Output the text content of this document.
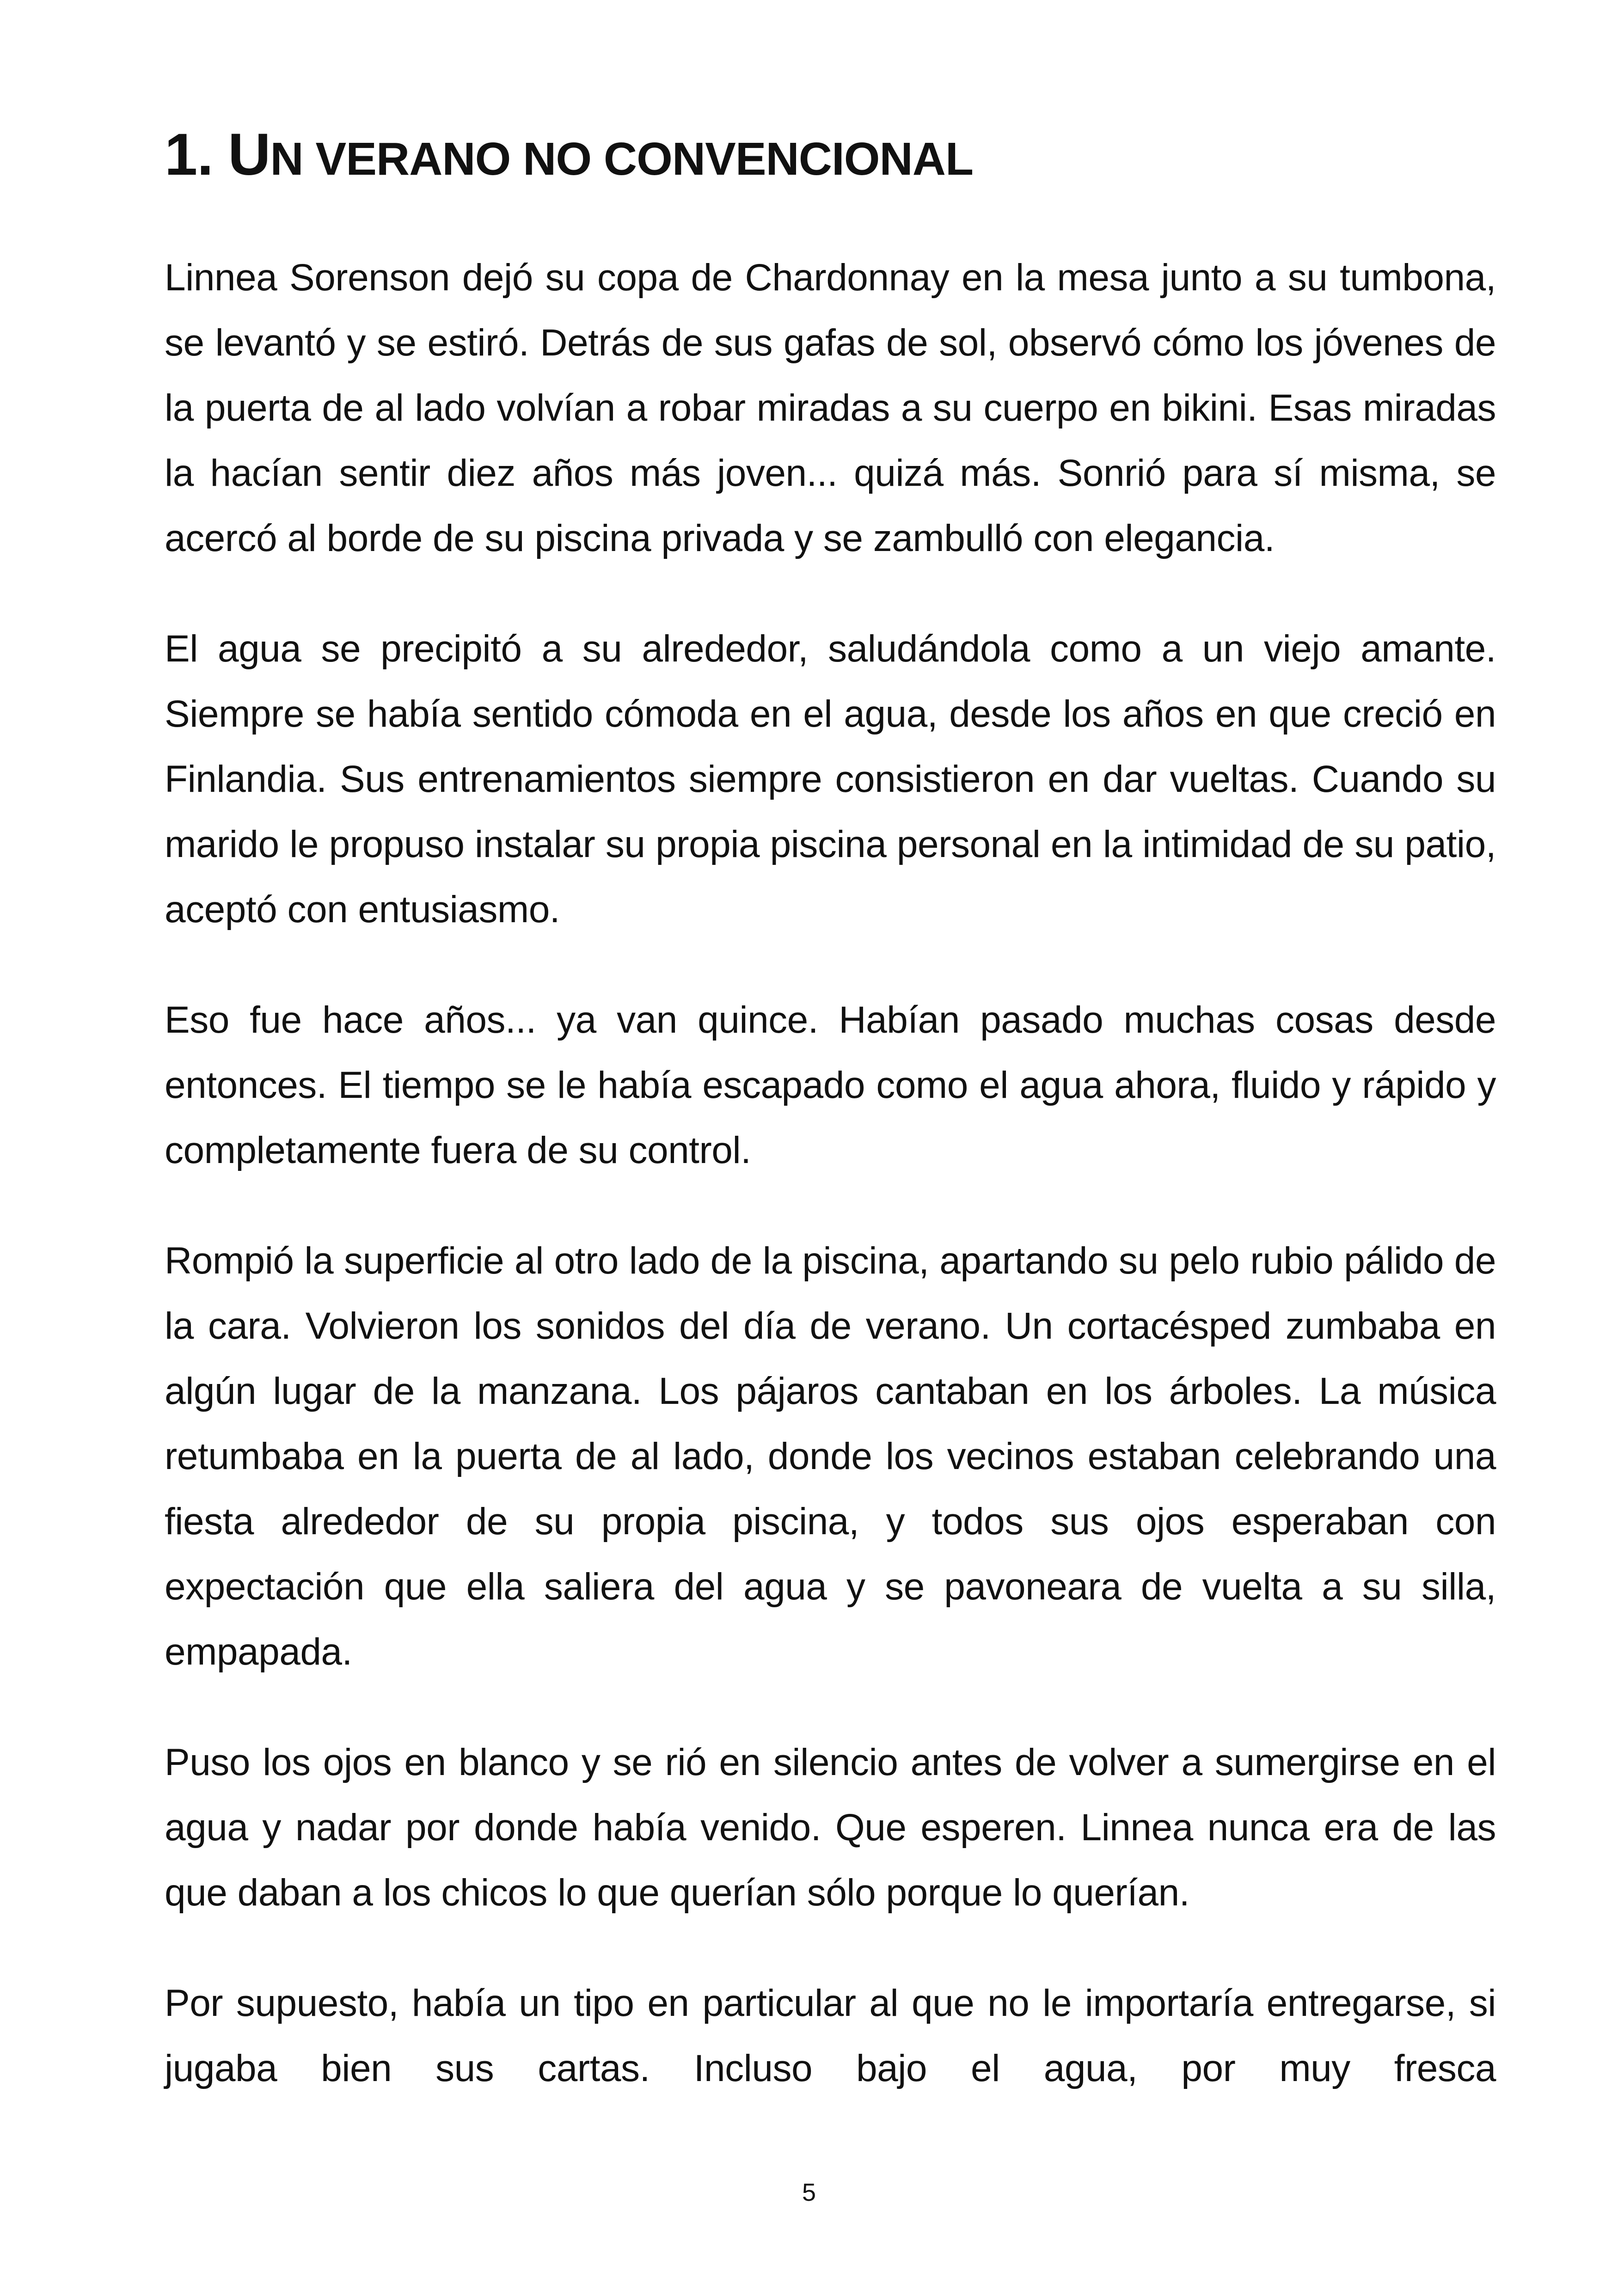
1. UN VERANO NO CONVENCIONAL

Linnea Sorenson dejó su copa de Chardonnay en la mesa junto a su tumbona, se levantó y se estiró. Detrás de sus gafas de sol, observó cómo los jóvenes de la puerta de al lado volvían a robar miradas a su cuerpo en bikini. Esas miradas la hacían sentir diez años más joven... quizá más. Sonrió para sí misma, se acercó al borde de su piscina privada y se zambulló con elegancia.

El agua se precipitó a su alrededor, saludándola como a un viejo amante. Siempre se había sentido cómoda en el agua, desde los años en que creció en Finlandia. Sus entrenamientos siempre consistieron en dar vueltas. Cuando su marido le propuso instalar su propia piscina personal en la intimidad de su patio, aceptó con entusiasmo.

Eso fue hace años... ya van quince. Habían pasado muchas cosas desde entonces. El tiempo se le había escapado como el agua ahora, fluido y rápido y completamente fuera de su control.

Rompió la superficie al otro lado de la piscina, apartando su pelo rubio pálido de la cara. Volvieron los sonidos del día de verano. Un cortacésped zumbaba en algún lugar de la manzana. Los pájaros cantaban en los árboles. La música retumbaba en la puerta de al lado, donde los vecinos estaban celebrando una fiesta alrededor de su propia piscina, y todos sus ojos esperaban con expectación que ella saliera del agua y se pavoneara de vuelta a su silla, empapada.

Puso los ojos en blanco y se rió en silencio antes de volver a sumergirse en el agua y nadar por donde había venido. Que esperen. Linnea nunca era de las que daban a los chicos lo que querían sólo porque lo querían.

Por supuesto, había un tipo en particular al que no le importaría entregarse, si jugaba bien sus cartas. Incluso bajo el agua, por muy fresca

5
